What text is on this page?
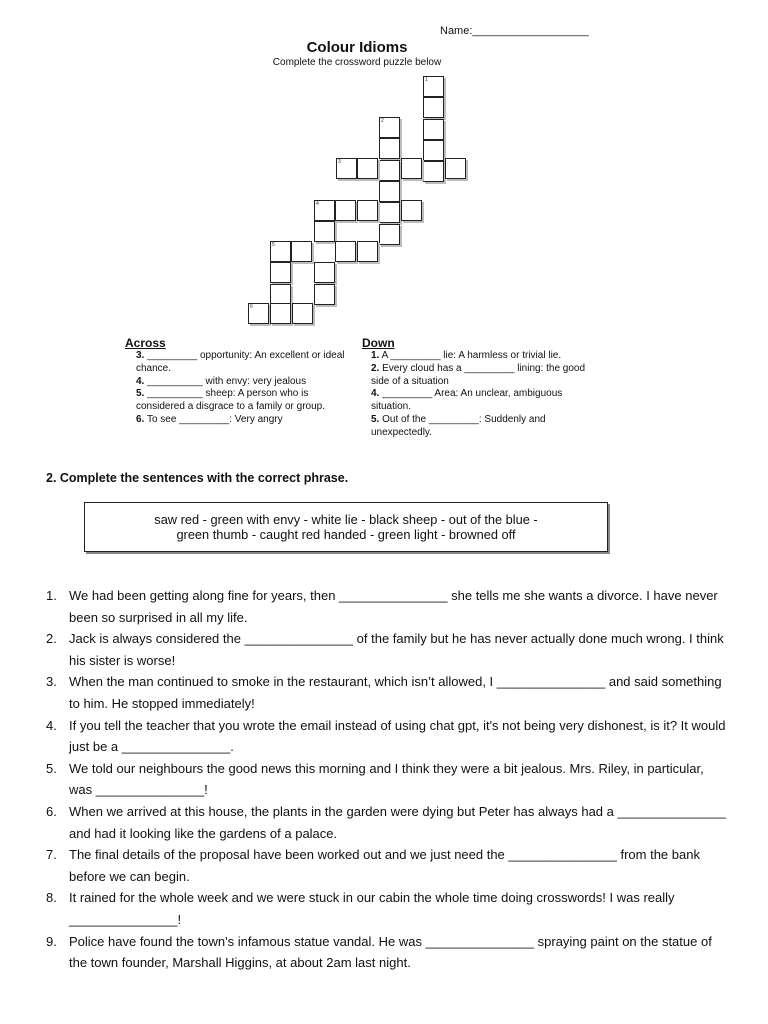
Name:___________________
Colour Idioms
Complete the crossword puzzle below
1
2
3
4
5
6
Across
3. _________ opportunity: An excellent or ideal chance.
4. __________ with envy: very jealous
5. __________ sheep: A person who is considered a disgrace to a family or group.
6. To see _________: Very angry
Down
1. A _________ lie: A harmless or trivial lie.
2. Every cloud has a _________ lining: the good side of a situation
4. _________ Area: An unclear, ambiguous situation.
5. Out of the _________: Suddenly and unexpectedly.
2. Complete the sentences with the correct phrase.
saw red - green with envy - white lie - black sheep - out of the blue -
green thumb - caught red handed - green light - browned off
1. We had been getting along fine for years, then _______________ she tells me she wants a divorce. I have never been so surprised in all my life.
2. Jack is always considered the _______________ of the family but he has never actually done much wrong. I think his sister is worse!
3. When the man continued to smoke in the restaurant, which isn’t allowed, I _______________ and said something to him. He stopped immediately!
4. If you tell the teacher that you wrote the email instead of using chat gpt, it's not being very dishonest, is it? It would just be a _______________.
5. We told our neighbours the good news this morning and I think they were a bit jealous. Mrs. Riley, in particular, was _______________!
6. When we arrived at this house, the plants in the garden were dying but Peter has always had a _______________ and had it looking like the gardens of a palace.
7. The final details of the proposal have been worked out and we just need the _______________ from the bank before we can begin.
8. It rained for the whole week and we were stuck in our cabin the whole time doing crosswords! I was really _______________!
9. Police have found the town's infamous statue vandal. He was _______________ spraying paint on the statue of the town founder, Marshall Higgins, at about 2am last night.
